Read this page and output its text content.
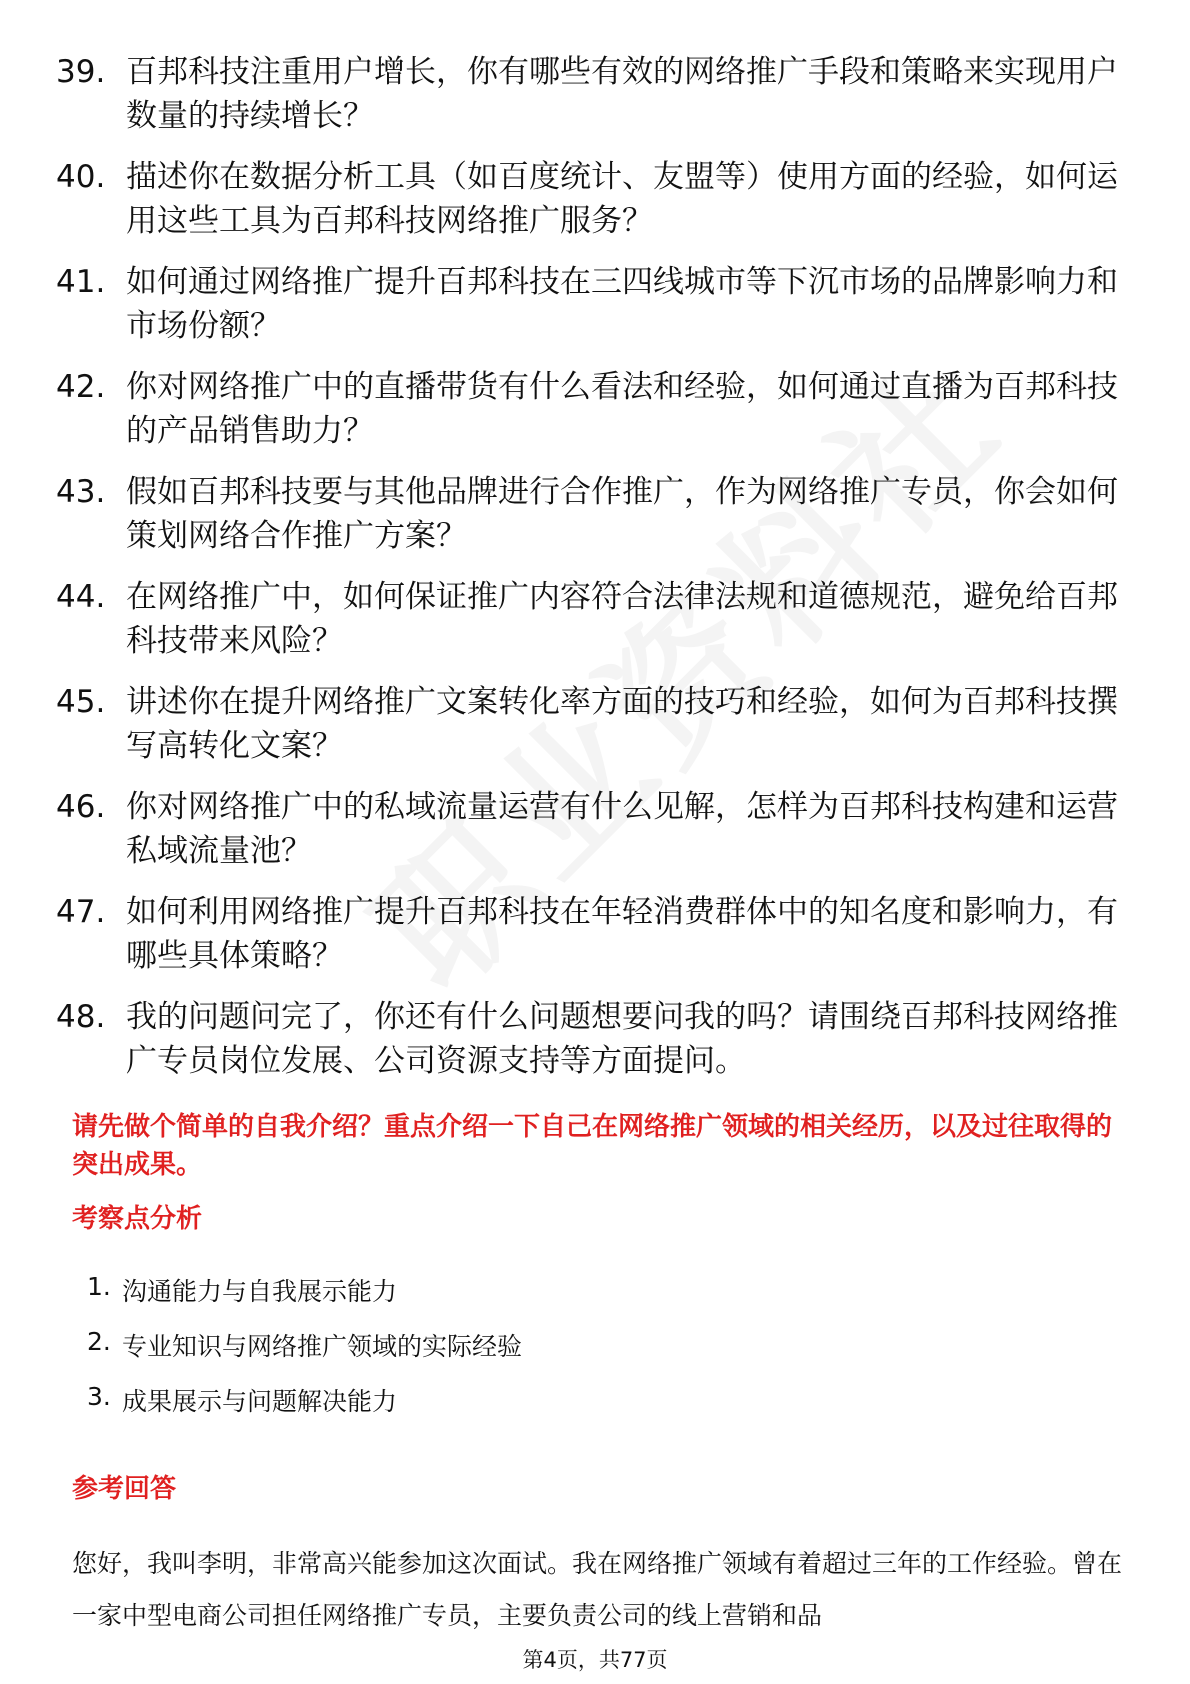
39. 百邦科技注重用户增长，你有哪些有效的网络推广手段和策略来实现用户数量的持续增长？
40. 描述你在数据分析工具（如百度统计、友盟等）使用方面的经验，如何运用这些工具为百邦科技网络推广服务？
41. 如何通过网络推广提升百邦科技在三四线城市等下沉市场的品牌影响力和市场份额？
42. 你对网络推广中的直播带货有什么看法和经验，如何通过直播为百邦科技的产品销售助力？
43. 假如百邦科技要与其他品牌进行合作推广，作为网络推广专员，你会如何策划网络合作推广方案？
44. 在网络推广中，如何保证推广内容符合法律法规和道德规范，避免给百邦科技带来风险？
45. 讲述你在提升网络推广文案转化率方面的技巧和经验，如何为百邦科技撰写高转化文案？
46. 你对网络推广中的私域流量运营有什么见解，怎样为百邦科技构建和运营私域流量池？
47. 如何利用网络推广提升百邦科技在年轻消费群体中的知名度和影响力，有哪些具体策略？
48. 我的问题问完了，你还有什么问题想要问我的吗？请围绕百邦科技网络推广专员岗位发展、公司资源支持等方面提问。
请先做个简单的自我介绍？重点介绍一下自己在网络推广领域的相关经历，以及过往取得的突出成果。
考察点分析
1. 沟通能力与自我展示能力
2. 专业知识与网络推广领域的实际经验
3. 成果展示与问题解决能力
参考回答
您好，我叫李明，非常高兴能参加这次面试。我在网络推广领域有着超过三年的工作经验。曾在一家中型电商公司担任网络推广专员，主要负责公司的线上营销和品
第4页，共77页
